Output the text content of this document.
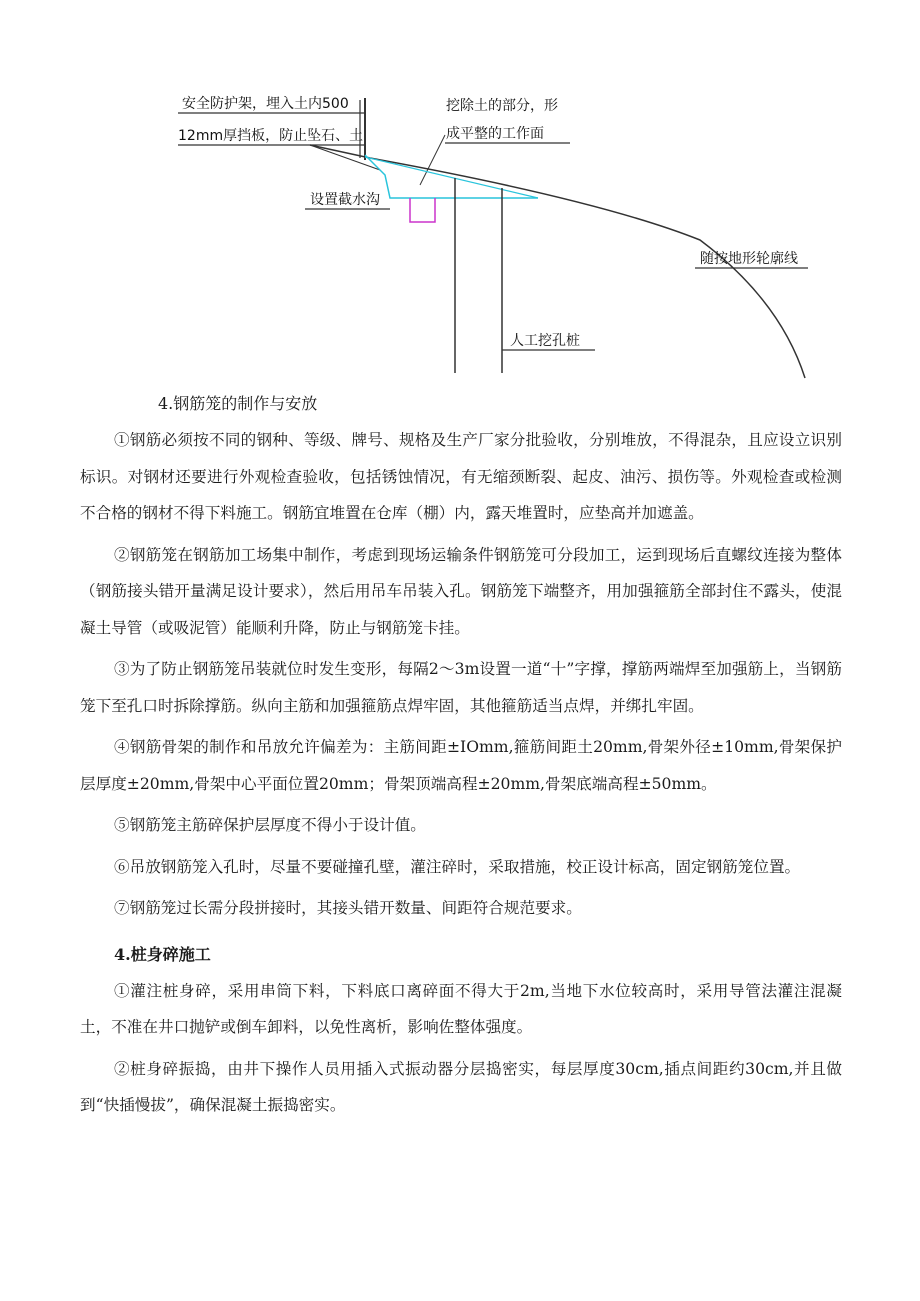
安全防护架，埋入土内500
12mm厚挡板，防止坠石、土
挖除土的部分，形
成平整的工作面
设置截水沟
随按地形轮廓线
人工挖孔桩

4.钢筋笼的制作与安放

①钢筋必须按不同的钢种、等级、牌号、规格及生产厂家分批验收，分别堆放，不得混杂，且应设立识别标识。对钢材还要进行外观检查验收，包括锈蚀情况，有无缩颈断裂、起皮、油污、损伤等。外观检查或检测不合格的钢材不得下料施工。钢筋宜堆置在仓库（棚）内，露天堆置时，应垫高并加遮盖。

②钢筋笼在钢筋加工场集中制作，考虑到现场运输条件钢筋笼可分段加工，运到现场后直螺纹连接为整体（钢筋接头错开量满足设计要求），然后用吊车吊装入孔。钢筋笼下端整齐，用加强箍筋全部封住不露头，使混凝土导管（或吸泥管）能顺利升降，防止与钢筋笼卡挂。

③为了防止钢筋笼吊装就位时发生变形，每隔2～3m设置一道“十”字撑，撑筋两端焊至加强筋上，当钢筋笼下至孔口时拆除撑筋。纵向主筋和加强箍筋点焊牢固，其他箍筋适当点焊，并绑扎牢固。

④钢筋骨架的制作和吊放允许偏差为：主筋间距±IOmm,箍筋间距土20mm,骨架外径±10mm,骨架保护层厚度±20mm,骨架中心平面位置20mm；骨架顶端高程±20mm,骨架底端高程±50mm。

⑤钢筋笼主筋碎保护层厚度不得小于设计值。

⑥吊放钢筋笼入孔时，尽量不要碰撞孔壁，灌注碎时，采取措施，校正设计标高，固定钢筋笼位置。

⑦钢筋笼过长需分段拼接时，其接头错开数量、间距符合规范要求。

4.桩身碎施工

①灌注桩身碎，采用串筒下料，下料底口离碎面不得大于2m,当地下水位较高时，采用导管法灌注混凝土，不准在井口抛铲或倒车卸料，以免性离析，影响佐整体强度。

②桩身碎振捣，由井下操作人员用插入式振动器分层捣密实，每层厚度30cm,插点间距约30cm,并且做到“快插慢拔”，确保混凝土振捣密实。
